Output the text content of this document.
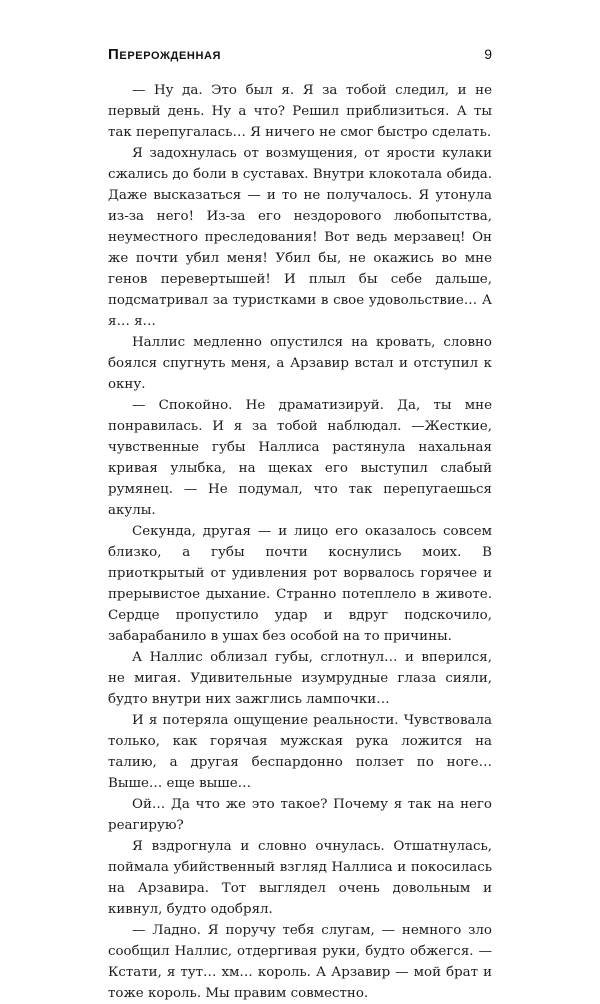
Перерожденная	9

— Ну да. Это был я. Я за тобой следил, и не первый день. Ну а что? Решил приблизиться. А ты так перепугалась… Я ничего не смог быстро сделать.

Я задохнулась от возмущения, от ярости кулаки сжались до боли в суставах. Внутри клокотала обида. Даже высказаться — и то не получалось. Я утонула из-за него! Из-за его нездорового любопытства, неуместного преследования! Вот ведь мерзавец! Он же почти убил меня! Убил бы, не окажись во мне генов перевертышей! И плыл бы себе дальше, подсматривал за туристками в свое удовольствие… А я… я…

Наллис медленно опустился на кровать, словно боялся спугнуть меня, а Арзавир встал и отступил к окну.

— Спокойно. Не драматизируй. Да, ты мне понравилась. И я за тобой наблюдал. —Жесткие, чувственные губы Наллиса растянула нахальная кривая улыбка, на щеках его выступил слабый румянец. — Не подумал, что так перепугаешься акулы.

Секунда, другая — и лицо его оказалось совсем близко, а губы почти коснулись моих. В приоткрытый от удивления рот ворвалось горячее и прерывистое дыхание. Странно потеплело в животе. Сердце пропустило удар и вдруг подскочило, забарабанило в ушах без особой на то причины.

А Наллис облизал губы, сглотнул… и вперился, не мигая. Удивительные изумрудные глаза сияли, будто внутри них зажглись лампочки…

И я потеряла ощущение реальности. Чувствовала только, как горячая мужская рука ложится на талию, а другая беспардонно ползет по ноге… Выше… еще выше…

Ой… Да что же это такое? Почему я так на него реагирую?

Я вздрогнула и словно очнулась. Отшатнулась, поймала убийственный взгляд Наллиса и покосилась на Арзавира. Тот выглядел очень довольным и кивнул, будто одобрял.

— Ладно. Я поручу тебя слугам, — немного зло сообщил Наллис, отдергивая руки, будто обжегся. — Кстати, я тут… хм… король. А Арзавир — мой брат и тоже король. Мы правим совместно.
